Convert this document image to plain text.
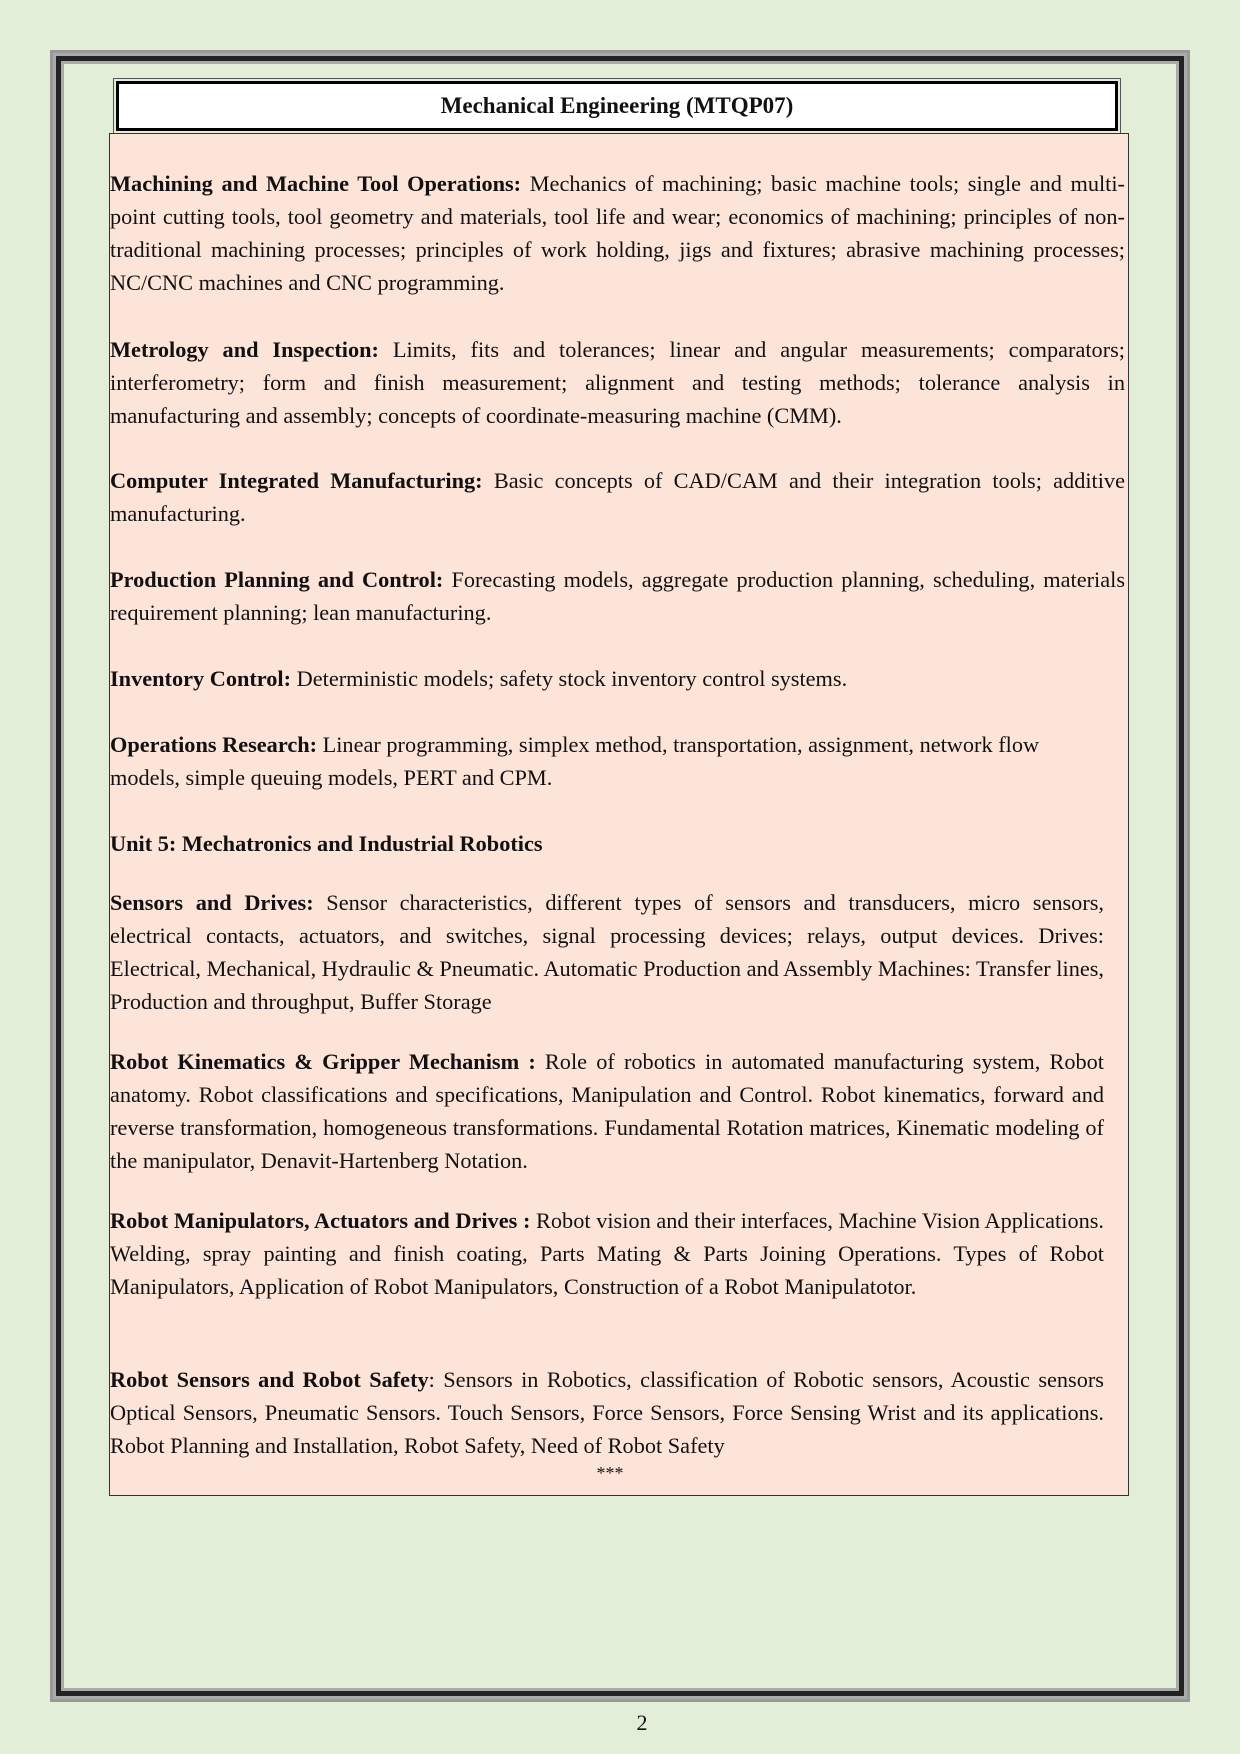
Mechanical Engineering (MTQP07)

Machining and Machine Tool Operations: Mechanics of machining; basic machine tools; single and multi-point cutting tools, tool geometry and materials, tool life and wear; economics of machining; principles of non-traditional machining processes; principles of work holding, jigs and fixtures; abrasive machining processes; NC/CNC machines and CNC programming.

Metrology and Inspection: Limits, fits and tolerances; linear and angular measurements; comparators; interferometry; form and finish measurement; alignment and testing methods; tolerance analysis in manufacturing and assembly; concepts of coordinate-measuring machine (CMM).

Computer Integrated Manufacturing: Basic concepts of CAD/CAM and their integration tools; additive manufacturing.

Production Planning and Control: Forecasting models, aggregate production planning, scheduling, materials requirement planning; lean manufacturing.

Inventory Control: Deterministic models; safety stock inventory control systems.

Operations Research: Linear programming, simplex method, transportation, assignment, network flow models, simple queuing models, PERT and CPM.

Unit 5: Mechatronics and Industrial Robotics

Sensors and Drives: Sensor characteristics, different types of sensors and transducers, micro sensors, electrical contacts, actuators, and switches, signal processing devices; relays, output devices. Drives: Electrical, Mechanical, Hydraulic & Pneumatic. Automatic Production and Assembly Machines: Transfer lines, Production and throughput, Buffer Storage

Robot Kinematics & Gripper Mechanism : Role of robotics in automated manufacturing system, Robot anatomy. Robot classifications and specifications, Manipulation and Control. Robot kinematics, forward and reverse transformation, homogeneous transformations. Fundamental Rotation matrices, Kinematic modeling of the manipulator, Denavit-Hartenberg Notation.

Robot Manipulators, Actuators and Drives : Robot vision and their interfaces, Machine Vision Applications. Welding, spray painting and finish coating, Parts Mating & Parts Joining Operations. Types of Robot Manipulators, Application of Robot Manipulators, Construction of a Robot Manipulatotor.

Robot Sensors and Robot Safety: Sensors in Robotics, classification of Robotic sensors, Acoustic sensors Optical Sensors, Pneumatic Sensors. Touch Sensors, Force Sensors, Force Sensing Wrist and its applications. Robot Planning and Installation, Robot Safety, Need of Robot Safety

***
2
